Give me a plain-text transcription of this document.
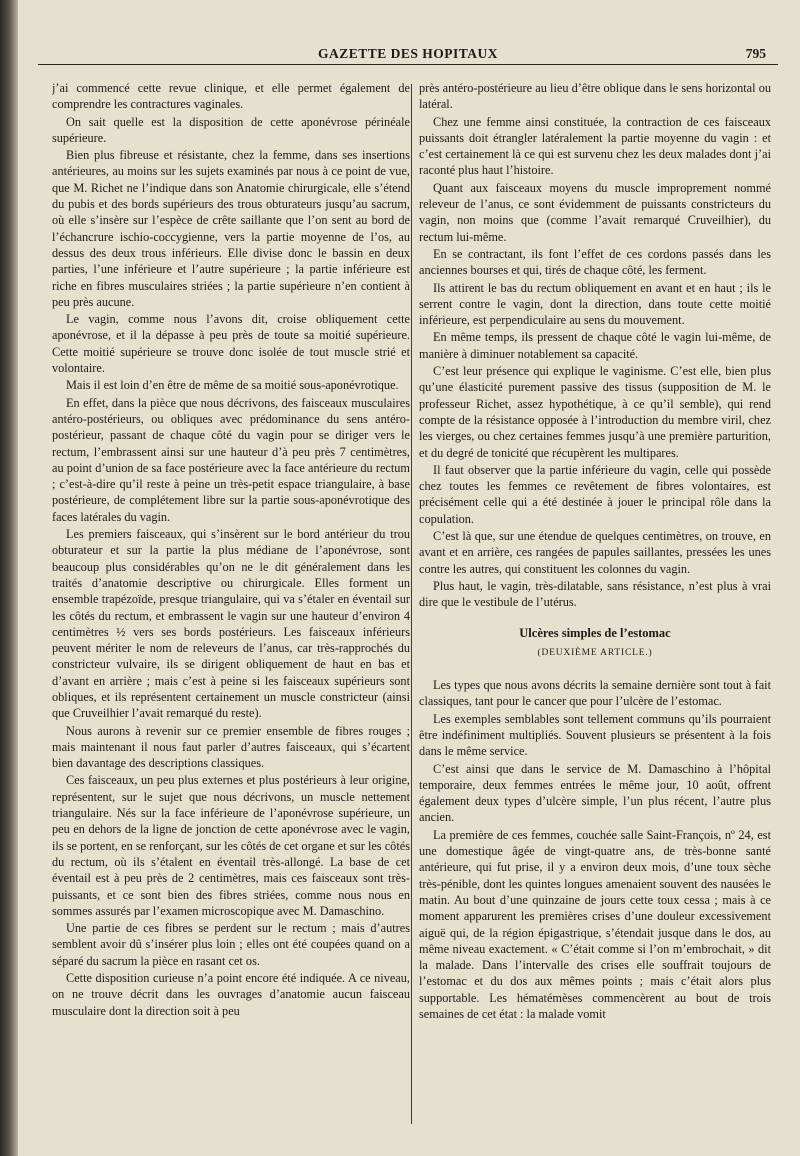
GAZETTE DES HOPITAUX	795

j’ai commencé cette revue clinique, et elle permet également de comprendre les contractures vaginales.

On sait quelle est la disposition de cette aponévrose périnéale supérieure.

Bien plus fibreuse et résistante, chez la femme, dans ses insertions antérieures, au moins sur les sujets examinés par nous à ce point de vue, que M. Richet ne l’indique dans son Anatomie chirurgicale, elle s’étend du pubis et des bords supérieurs des trous obturateurs jusqu’au sacrum, où elle s’insère sur l’espèce de crête saillante que l’on sent au bord de l’échancrure ischio-coccygienne, vers la partie moyenne de l’os, au dessus des deux trous inférieurs. Elle divise donc le bassin en deux parties, l’une inférieure et l’autre supérieure ; la partie inférieure est riche en fibres musculaires striées ; la partie supérieure n’en contient à peu près aucune.

Le vagin, comme nous l’avons dit, croise obliquement cette aponévrose, et il la dépasse à peu près de toute sa moitié supérieure. Cette moitié supérieure se trouve donc isolée de tout muscle strié et volontaire.

Mais il est loin d’en être de même de sa moitié sous-aponévrotique.

En effet, dans la pièce que nous décrivons, des faisceaux musculaires antéro-postérieurs, ou obliques avec prédominance du sens antéro-postérieur, passant de chaque côté du vagin pour se diriger vers le rectum, l’embrassent ainsi sur une hauteur d’à peu près 7 centimètres, au point d’union de sa face postérieure avec la face antérieure du rectum ; c’est-à-dire qu’il reste à peine un très-petit espace triangulaire, à base postérieure, de complétement libre sur la partie sous-aponévrotique des faces latérales du vagin.

Les premiers faisceaux, qui s’insèrent sur le bord antérieur du trou obturateur et sur la partie la plus médiane de l’aponévrose, sont beaucoup plus considérables qu’on ne le dit généralement dans les traités d’anatomie descriptive ou chirurgicale. Elles forment un ensemble trapézoïde, presque triangulaire, qui va s’étaler en éventail sur les côtés du rectum, et embrassent le vagin sur une hauteur d’environ 4 centimètres ½ vers ses bords postérieurs. Les faisceaux inférieurs peuvent mériter le nom de releveurs de l’anus, car très-rapprochés du constricteur vulvaire, ils se dirigent obliquement de haut en bas et d’avant en arrière ; mais c’est à peine si les faisceaux supérieurs sont obliques, et ils représentent certainement un muscle constricteur (ainsi que Cruveilhier l’avait remarqué du reste).

Nous aurons à revenir sur ce premier ensemble de fibres rouges ; mais maintenant il nous faut parler d’autres faisceaux, qui s’écartent bien davantage des descriptions classiques.

Ces faisceaux, un peu plus externes et plus postérieurs à leur origine, représentent, sur le sujet que nous décrivons, un muscle nettement triangulaire. Nés sur la face inférieure de l’aponévrose supérieure, un peu en dehors de la ligne de jonction de cette aponévrose avec le vagin, ils se portent, en se renforçant, sur les côtés de cet organe et sur les côtés du rectum, où ils s’étalent en éventail très-allongé. La base de cet éventail est à peu près de 2 centimètres, mais ces faisceaux sont très-puissants, et ce sont bien des fibres striées, comme nous nous en sommes assurés par l’examen microscopique avec M. Damaschino.

Une partie de ces fibres se perdent sur le rectum ; mais d’autres semblent avoir dû s’insérer plus loin ; elles ont été coupées quand on a séparé du sacrum la pièce en rasant cet os.

Cette disposition curieuse n’a point encore été indiquée. A ce niveau, on ne trouve décrit dans les ouvrages d’anatomie aucun faisceau musculaire dont la direction soit à peu

près antéro-postérieure au lieu d’être oblique dans le sens horizontal ou latéral.

Chez une femme ainsi constituée, la contraction de ces faisceaux puissants doit étrangler latéralement la partie moyenne du vagin : et c’est certainement là ce qui est survenu chez les deux malades dont j’ai raconté plus haut l’histoire.

Quant aux faisceaux moyens du muscle improprement nommé releveur de l’anus, ce sont évidemment de puissants constricteurs du vagin, non moins que (comme l’avait remarqué Cruveilhier), du rectum lui-même.

En se contractant, ils font l’effet de ces cordons passés dans les anciennes bourses et qui, tirés de chaque côté, les ferment.

Ils attirent le bas du rectum obliquement en avant et en haut ; ils le serrent contre le vagin, dont la direction, dans toute cette moitié inférieure, est perpendiculaire au sens du mouvement.

En même temps, ils pressent de chaque côté le vagin lui-même, de manière à diminuer notablement sa capacité.

C’est leur présence qui explique le vaginisme. C’est elle, bien plus qu’une élasticité purement passive des tissus (supposition de M. le professeur Richet, assez hypothétique, à ce qu’il semble), qui rend compte de la résistance opposée à l’introduction du membre viril, chez les vierges, ou chez certaines femmes jusqu’à une première parturition, et du degré de tonicité que récupèrent les multipares.

Il faut observer que la partie inférieure du vagin, celle qui possède chez toutes les femmes ce revêtement de fibres volontaires, est précisément celle qui a été destinée à jouer le principal rôle dans la copulation.

C’est là que, sur une étendue de quelques centimètres, on trouve, en avant et en arrière, ces rangées de papules saillantes, pressées les unes contre les autres, qui constituent les colonnes du vagin.

Plus haut, le vagin, très-dilatable, sans résistance, n’est plus à vrai dire que le vestibule de l’utérus.

Ulcères simples de l’estomac
(DEUXIÈME ARTICLE.)

Les types que nous avons décrits la semaine dernière sont tout à fait classiques, tant pour le cancer que pour l’ulcère de l’estomac.

Les exemples semblables sont tellement communs qu’ils pourraient être indéfiniment multipliés. Souvent plusieurs se présentent à la fois dans le même service.

C’est ainsi que dans le service de M. Damaschino à l’hôpital temporaire, deux femmes entrées le même jour, 10 août, offrent également deux types d’ulcère simple, l’un plus récent, l’autre plus ancien.

La première de ces femmes, couchée salle Saint-François, nº 24, est une domestique âgée de vingt-quatre ans, de très-bonne santé antérieure, qui fut prise, il y a environ deux mois, d’une toux sèche très-pénible, dont les quintes longues amenaient souvent des nausées le matin. Au bout d’une quinzaine de jours cette toux cessa ; mais à ce moment apparurent les premières crises d’une douleur excessivement aiguë qui, de la région épigastrique, s’étendait jusque dans le dos, au même niveau exactement. « C’était comme si l’on m’embrochait, » dit la malade. Dans l’intervalle des crises elle souffrait toujours de l’estomac et du dos aux mêmes points ; mais c’était alors plus supportable. Les hématémèses commencèrent au bout de trois semaines de cet état : la malade vomit
